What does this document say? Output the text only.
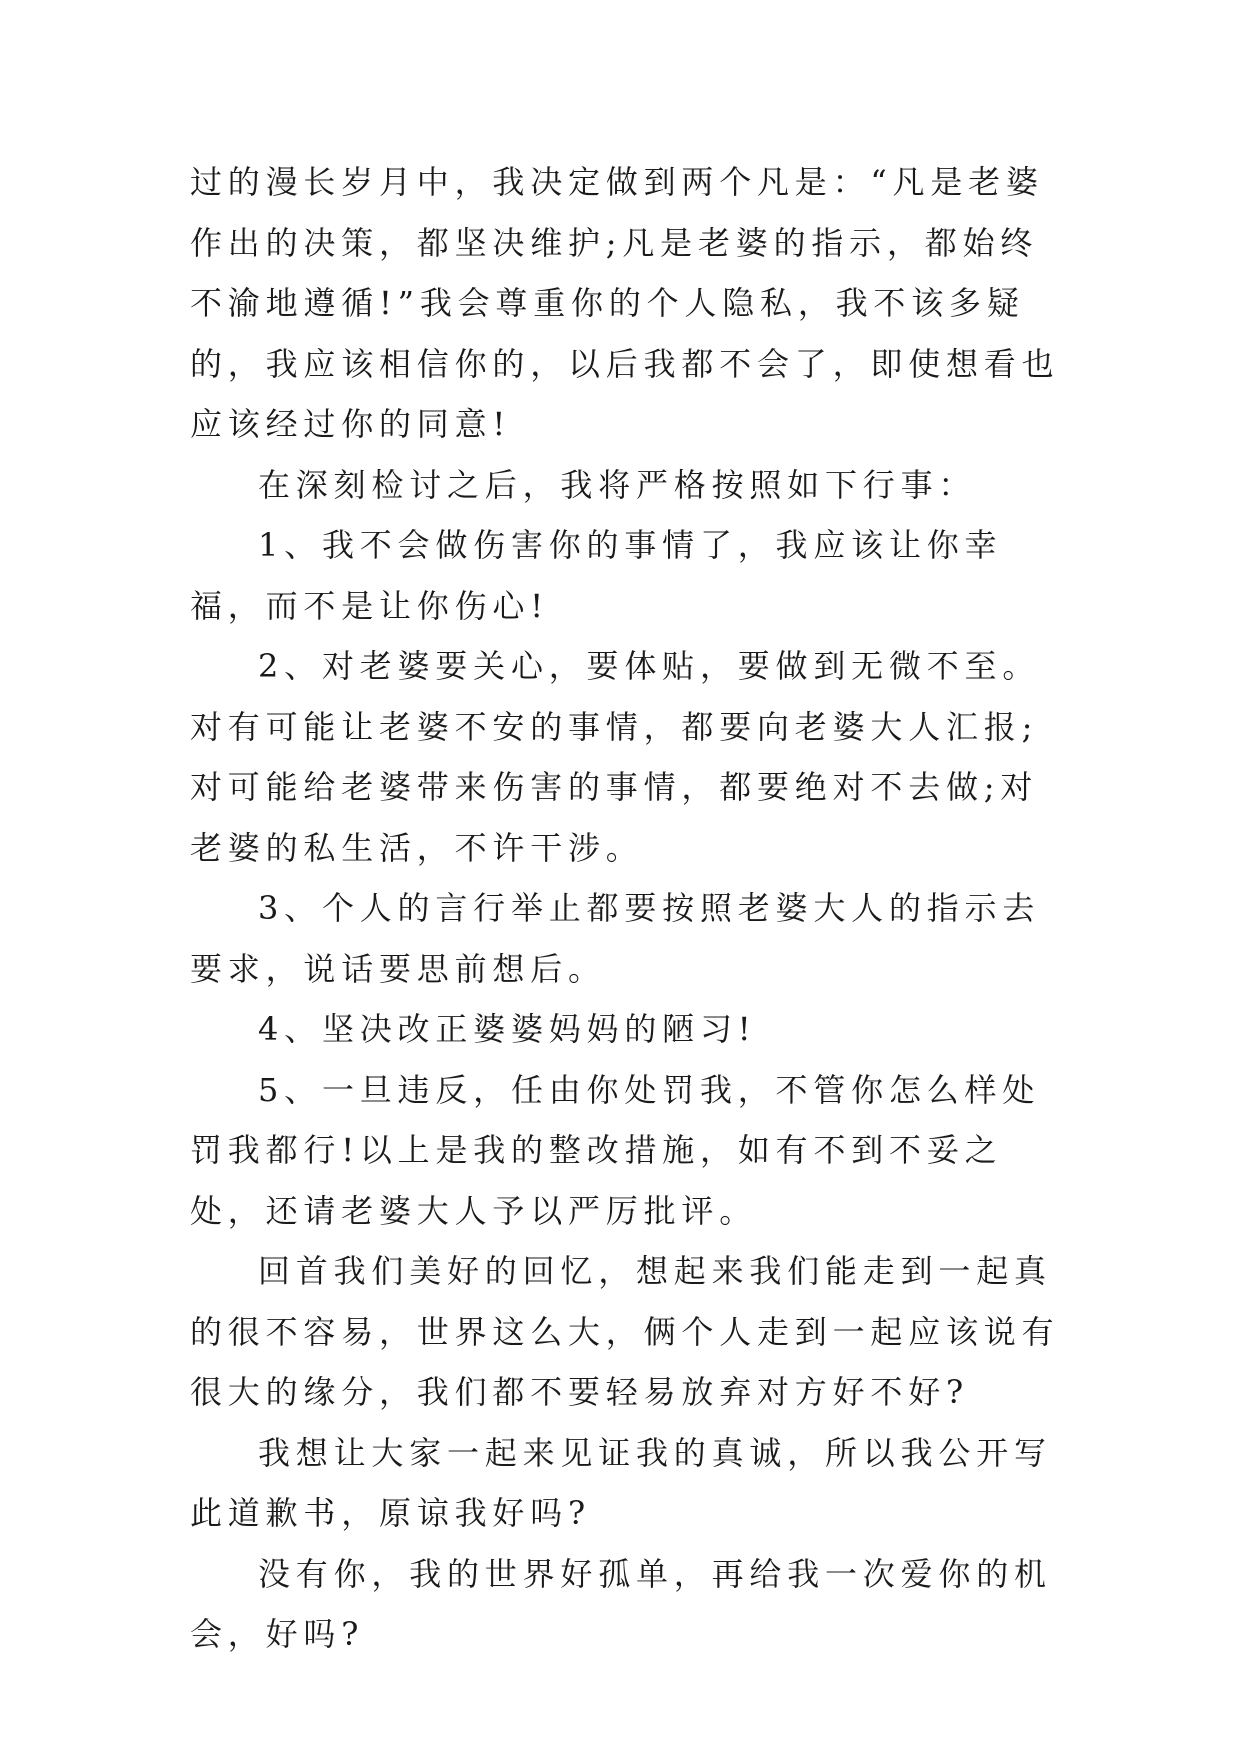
过的漫长岁月中，我决定做到两个凡是：“凡是老婆作出的决策，都坚决维护;凡是老婆的指示，都始终不渝地遵循!”我会尊重你的个人隐私，我不该多疑的，我应该相信你的，以后我都不会了，即使想看也应该经过你的同意!

在深刻检讨之后，我将严格按照如下行事：

1、我不会做伤害你的事情了，我应该让你幸福，而不是让你伤心!

2、对老婆要关心，要体贴，要做到无微不至。对有可能让老婆不安的事情，都要向老婆大人汇报;对可能给老婆带来伤害的事情，都要绝对不去做;对老婆的私生活，不许干涉。

3、个人的言行举止都要按照老婆大人的指示去要求，说话要思前想后。

4、坚决改正婆婆妈妈的陋习!

5、一旦违反，任由你处罚我，不管你怎么样处罚我都行!以上是我的整改措施，如有不到不妥之处，还请老婆大人予以严厉批评。

回首我们美好的回忆，想起来我们能走到一起真的很不容易，世界这么大，俩个人走到一起应该说有很大的缘分，我们都不要轻易放弃对方好不好?

我想让大家一起来见证我的真诚，所以我公开写此道歉书，原谅我好吗?

没有你，我的世界好孤单，再给我一次爱你的机会，好吗?
